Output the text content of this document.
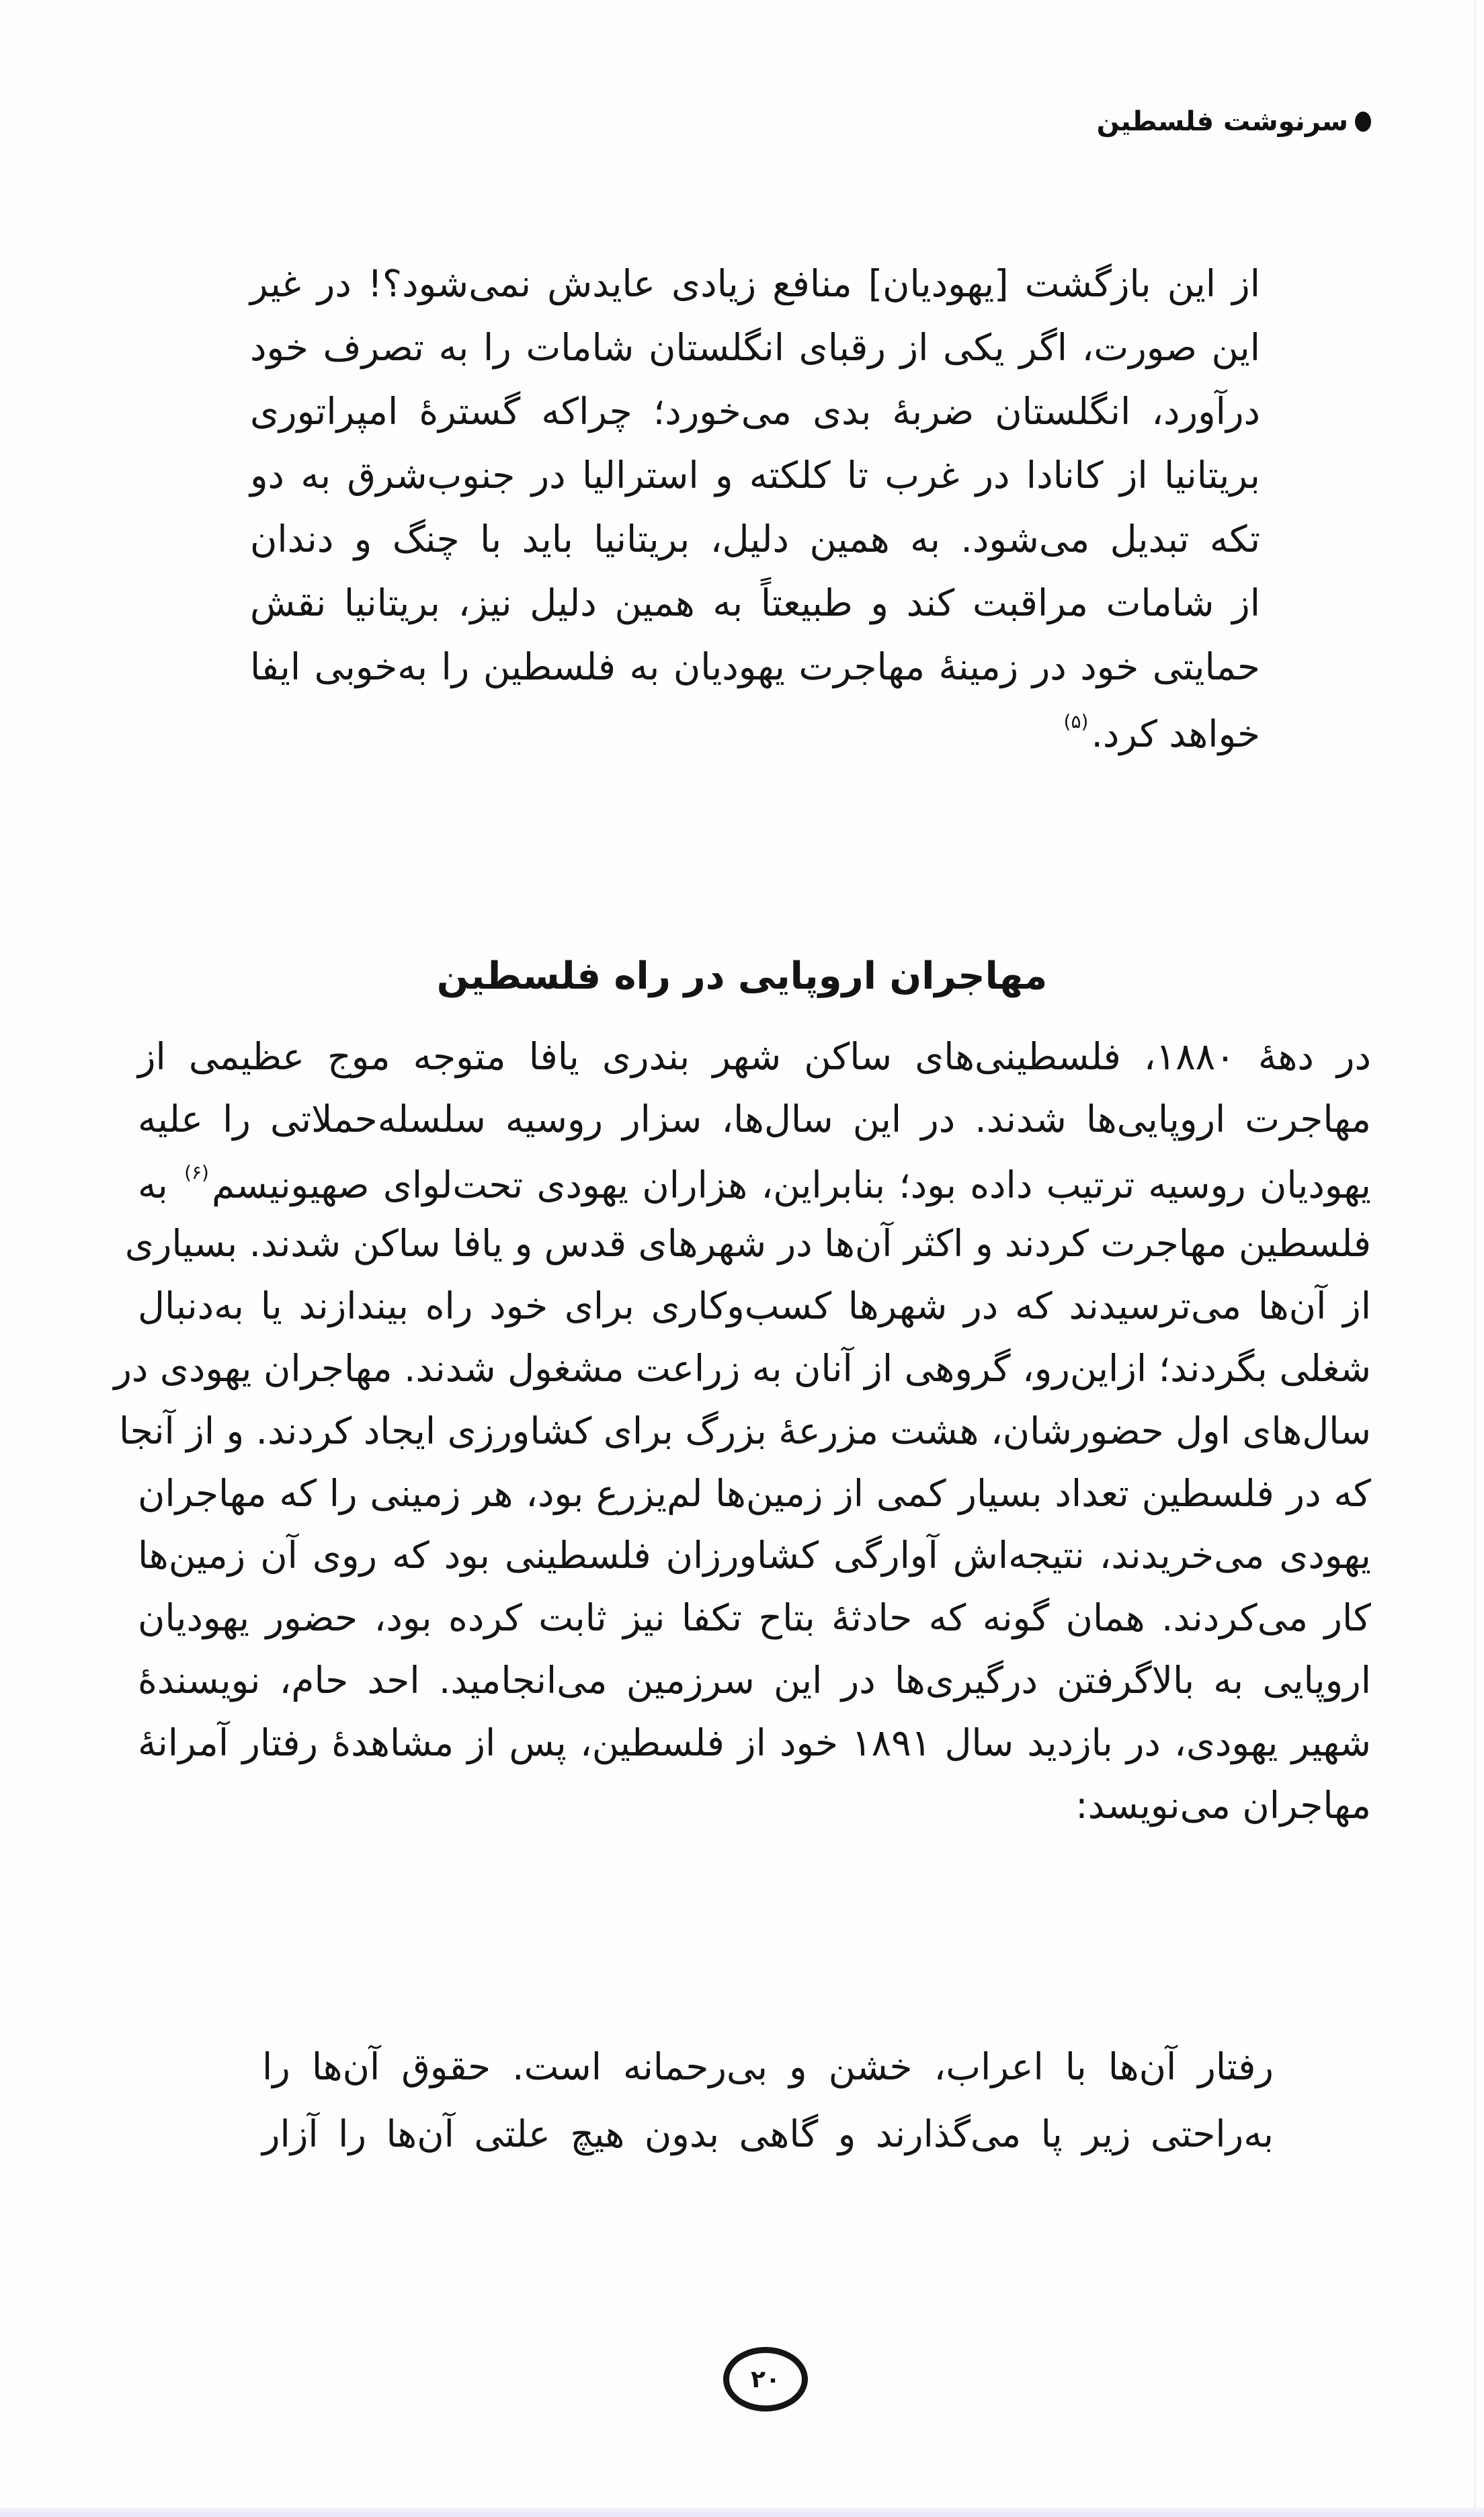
سرنوشت فلسطین
از این بازگشت [یهودیان] منافع زیادی عایدش نمی‌شود؟! در غیر
این صورت، اگر یکی از رقبای انگلستان شامات را به تصرف خود
درآورد، انگلستان ضربهٔ بدی می‌خورد؛ چراکه گسترهٔ امپراتوری
بریتانیا از کانادا در غرب تا کلکته و استرالیا در جنوب‌شرق به دو
تکه تبدیل می‌شود. به همین دلیل، بریتانیا باید با چنگ و دندان
از شامات مراقبت کند و طبیعتاً به همین دلیل نیز، بریتانیا نقش
حمایتی خود در زمینهٔ مهاجرت یهودیان به فلسطین را به‌خوبی ایفا
خواهد کرد.$^{(۵)}$
مهاجران اروپایی در راه فلسطین
در دههٔ ۱۸۸۰، فلسطینی‌های ساکن شهر بندری یافا متوجه موج عظیمی از
مهاجرت اروپایی‌ها شدند. در این سال‌ها، سزار روسیه سلسله‌حملاتی را علیه
یهودیان روسیه ترتیب داده بود؛ بنابراین، هزاران یهودی تحت‌لوای صهیونیسم$^{(۶)}$ به
فلسطین مهاجرت کردند و اکثر آن‌ها در شهرهای قدس و یافا ساکن شدند. بسیاری
از آن‌ها می‌ترسیدند که در شهرها کسب‌وکاری برای خود راه بیندازند یا به‌دنبال
شغلی بگردند؛ ازاین‌رو، گروهی از آنان به زراعت مشغول شدند. مهاجران یهودی در
سال‌های اول حضورشان، هشت مزرعهٔ بزرگ برای کشاورزی ایجاد کردند. و از آنجا
که در فلسطین تعداد بسیار کمی از زمین‌ها لم‌یزرع بود، هر زمینی را که مهاجران
یهودی می‌خریدند، نتیجه‌اش آوارگی کشاورزان فلسطینی بود که روی آن زمین‌ها
کار می‌کردند. همان گونه که حادثهٔ بتاح تکفا نیز ثابت کرده بود، حضور یهودیان
اروپایی به بالاگرفتن درگیری‌ها در این سرزمین می‌انجامید. احد حام، نویسندهٔ
شهیر یهودی، در بازدید سال ۱۸۹۱ خود از فلسطین، پس از مشاهدهٔ رفتار آمرانهٔ
مهاجران می‌نویسد:
رفتار آن‌ها با اعراب، خشن و بی‌رحمانه است. حقوق آن‌ها را
به‌راحتی زیر پا می‌گذارند و گاهی بدون هیچ علتی آن‌ها را آزار
۲۰
